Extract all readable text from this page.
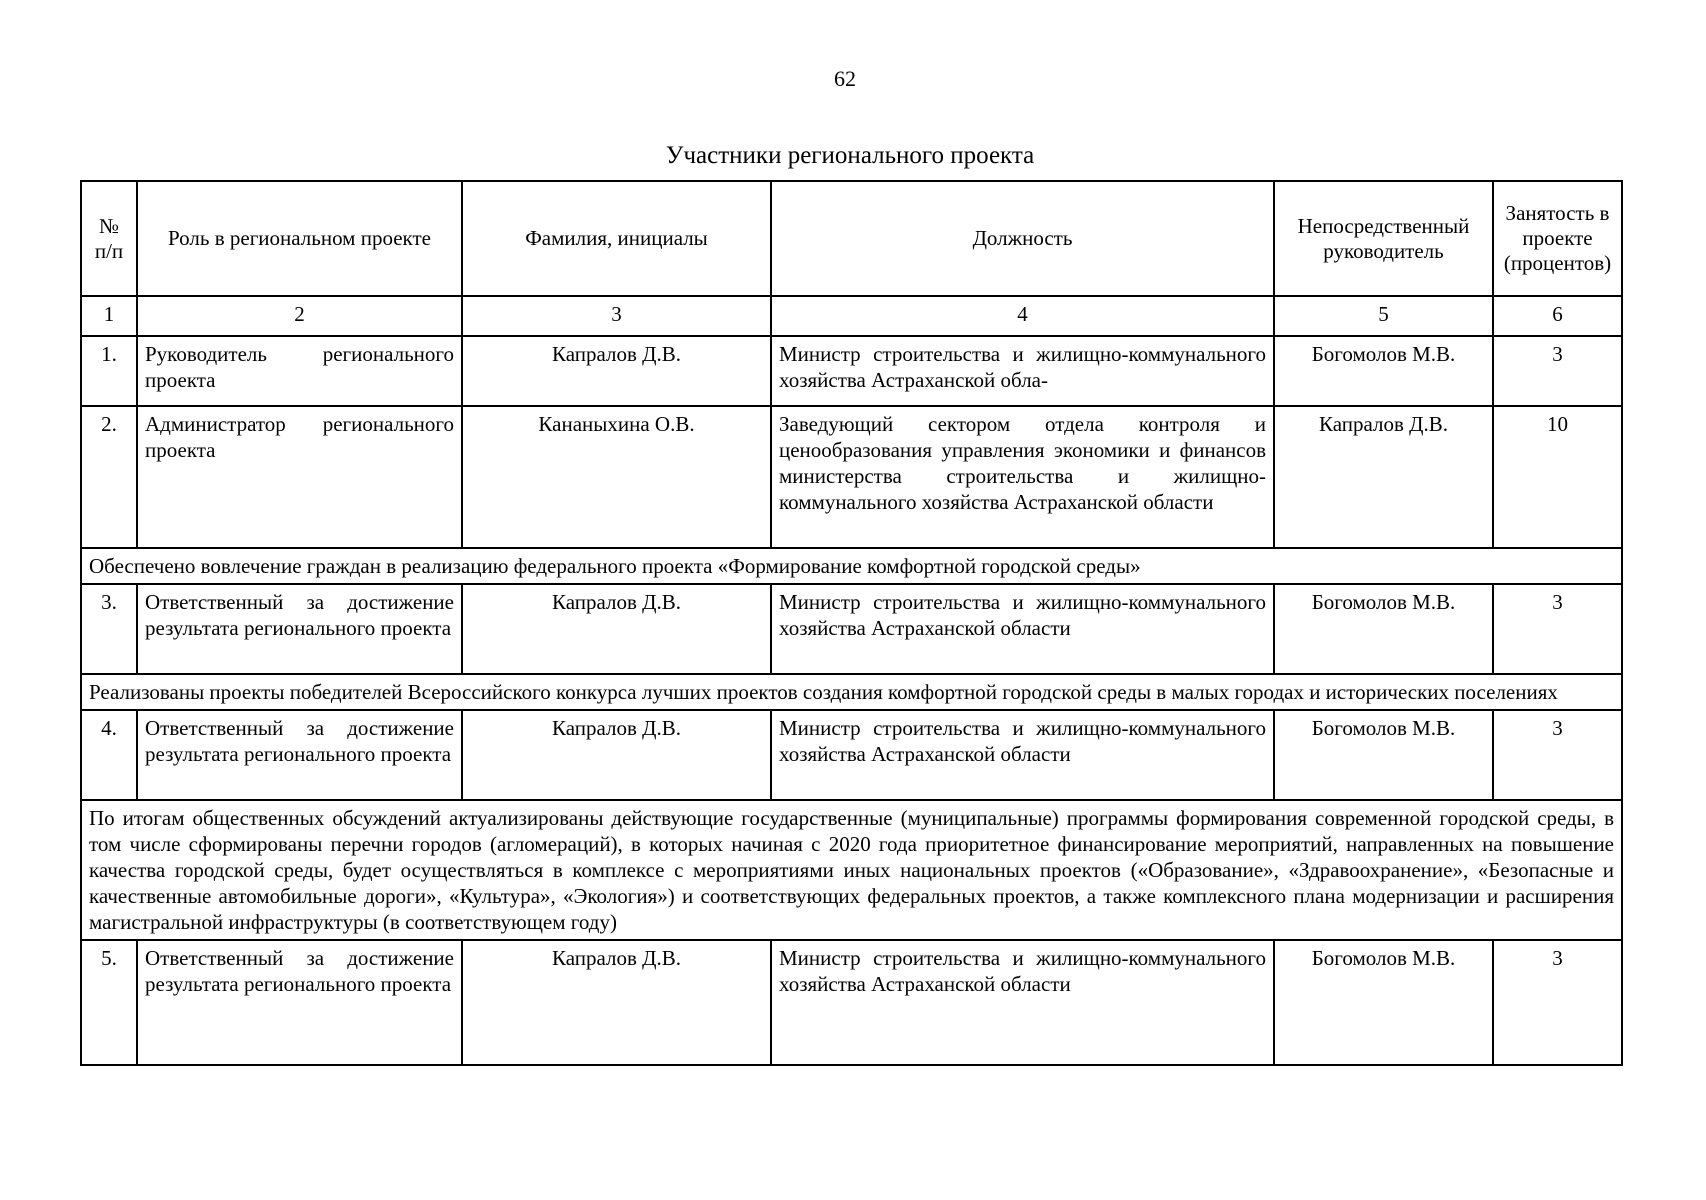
62
Участники регионального проекта
№ п/п	Роль в региональном проекте	Фамилия, инициалы	Должность	Непосредственный руководитель	Занятость в проекте (процентов)
1	2	3	4	5	6
1.	Руководитель регионального проекта	Капралов Д.В.	Министр строительства и жилищно-коммунального хозяйства Астраханской обла-	Богомолов М.В.	3
2.	Администратор регионального проекта	Кананыхина О.В.	Заведующий сектором отдела контроля и ценообразования управления экономики и финансов министерства строительства и жилищно-коммунального хозяйства Астраханской области	Капралов Д.В.	10
Обеспечено вовлечение граждан в реализацию федерального проекта «Формирование комфортной городской среды»					
3.	Ответственный за достижение результата регионального проекта	Капралов Д.В.	Министр строительства и жилищно-коммунального хозяйства Астраханской области	Богомолов М.В.	3
Реализованы проекты победителей Всероссийского конкурса лучших проектов создания комфортной городской среды в малых городах и исторических поселениях					
4.	Ответственный за достижение результата регионального проекта	Капралов Д.В.	Министр строительства и жилищно-коммунального хозяйства Астраханской области	Богомолов М.В.	3
По итогам общественных обсуждений актуализированы действующие государственные (муниципальные) программы формирования современной городской среды, в том числе сформированы перечни городов (агломераций), в которых начиная с 2020 года приоритетное финансирование мероприятий, направленных на повышение качества городской среды, будет осуществляться в комплексе с мероприятиями иных национальных проектов («Образование», «Здравоохранение», «Безопасные и качественные автомобильные дороги», «Культура», «Экология») и соответствующих федеральных проектов, а также комплексного плана модернизации и расширения магистральной инфраструктуры (в соответствующем году)					
5.	Ответственный за достижение результата регионального проекта	Капралов Д.В.	Министр строительства и жилищно-коммунального хозяйства Астраханской области	Богомолов М.В.	3
